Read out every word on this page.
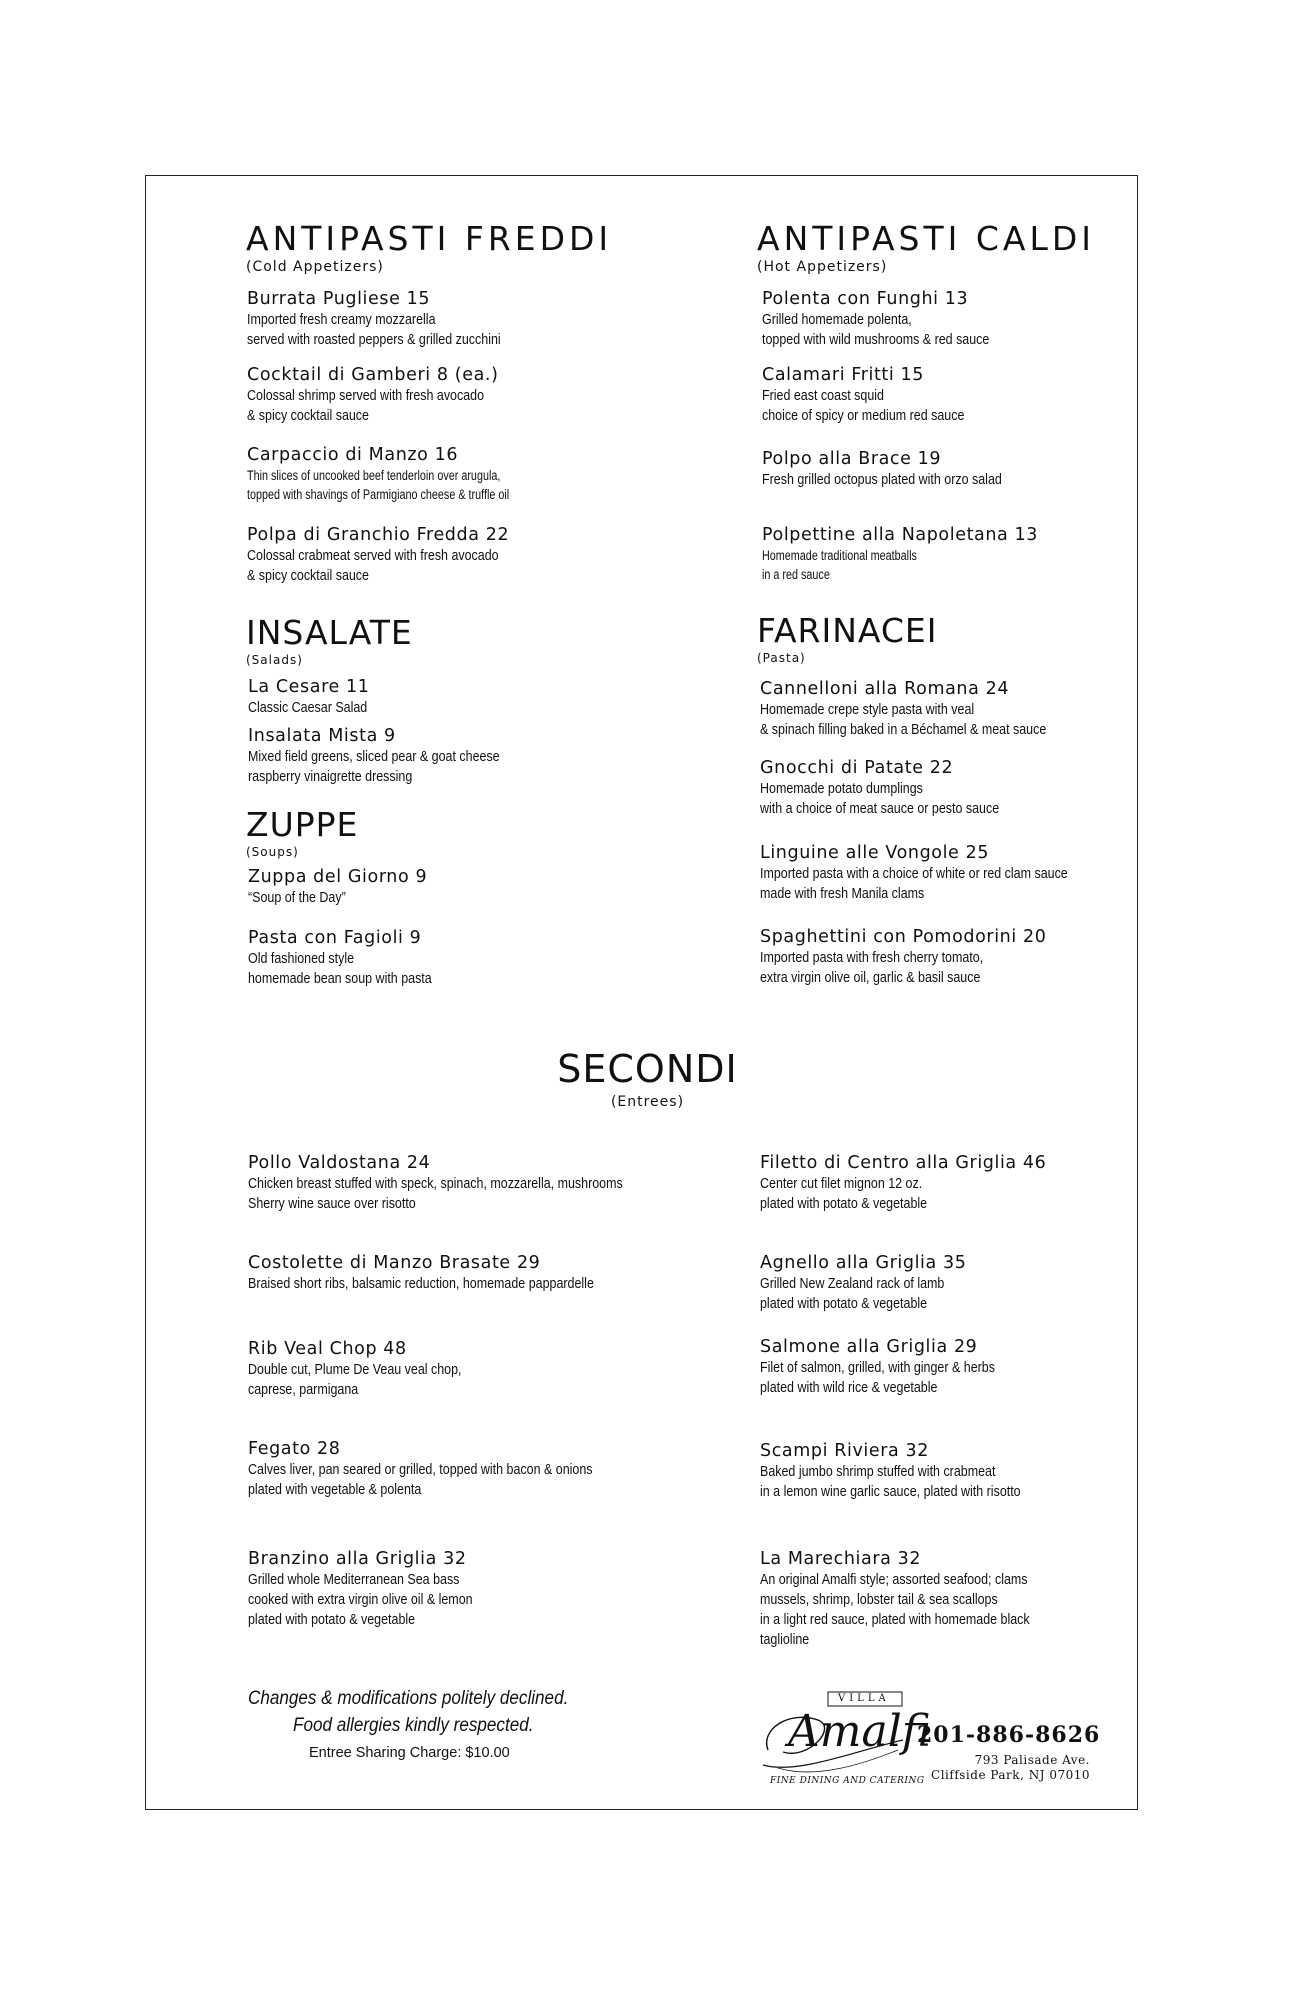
ANTIPASTI FREDDI
(Cold Appetizers)
Burrata Pugliese 15
Imported fresh creamy mozzarella
served with roasted peppers & grilled zucchini
Cocktail di Gamberi 8 (ea.)
Colossal shrimp served with fresh avocado
& spicy cocktail sauce
Carpaccio di Manzo 16
Thin slices of uncooked beef tenderloin over arugula,
topped with shavings of Parmigiano cheese & truffle oil
Polpa di Granchio Fredda 22
Colossal crabmeat served with fresh avocado
& spicy cocktail sauce
ANTIPASTI CALDI
(Hot Appetizers)
Polenta con Funghi 13
Grilled homemade polenta,
topped with wild mushrooms & red sauce
Calamari Fritti 15
Fried east coast squid
choice of spicy or medium red sauce
Polpo alla Brace 19
Fresh grilled octopus plated with orzo salad
Polpettine alla Napoletana 13
Homemade traditional meatballs
in a red sauce
INSALATE
(Salads)
La Cesare 11
Classic Caesar Salad
Insalata Mista 9
Mixed field greens, sliced pear & goat cheese
raspberry vinaigrette dressing
ZUPPE
(Soups)
Zuppa del Giorno 9
“Soup of the Day”
Pasta con Fagioli 9
Old fashioned style
homemade bean soup with pasta
FARINACEI
(Pasta)
Cannelloni alla Romana 24
Homemade crepe style pasta with veal
& spinach filling baked in a Béchamel & meat sauce
Gnocchi di Patate 22
Homemade potato dumplings
with a choice of meat sauce or pesto sauce
Linguine alle Vongole 25
Imported pasta with a choice of white or red clam sauce
made with fresh Manila clams
Spaghettini con Pomodorini 20
Imported pasta with fresh cherry tomato,
extra virgin olive oil, garlic & basil sauce
SECONDI
(Entrees)
Pollo Valdostana 24
Chicken breast stuffed with speck, spinach, mozzarella, mushrooms
Sherry wine sauce over risotto
Costolette di Manzo Brasate 29
Braised short ribs, balsamic reduction, homemade pappardelle
Rib Veal Chop 48
Double cut, Plume De Veau veal chop,
caprese, parmigana
Fegato 28
Calves liver, pan seared or grilled, topped with bacon & onions
plated with vegetable & polenta
Branzino alla Griglia 32
Grilled whole Mediterranean Sea bass
cooked with extra virgin olive oil & lemon
plated with potato & vegetable
Filetto di Centro alla Griglia 46
Center cut filet mignon 12 oz.
plated with potato & vegetable
Agnello alla Griglia 35
Grilled New Zealand rack of lamb
plated with potato & vegetable
Salmone alla Griglia 29
Filet of salmon, grilled, with ginger & herbs
plated with wild rice & vegetable
Scampi Riviera 32
Baked jumbo shrimp stuffed with crabmeat
in a lemon wine garlic sauce, plated with risotto
La Marechiara 32
An original Amalfi style; assorted seafood; clams
mussels, shrimp, lobster tail & sea scallops
in a light red sauce, plated with homemade black
taglioline
Changes & modifications politely declined.
Food allergies kindly respected.
Entree Sharing Charge: $10.00
VILLA
Amalfi
FINE DINING AND CATERING
201-886-8626
793 Palisade Ave.
Cliffside Park, NJ 07010
